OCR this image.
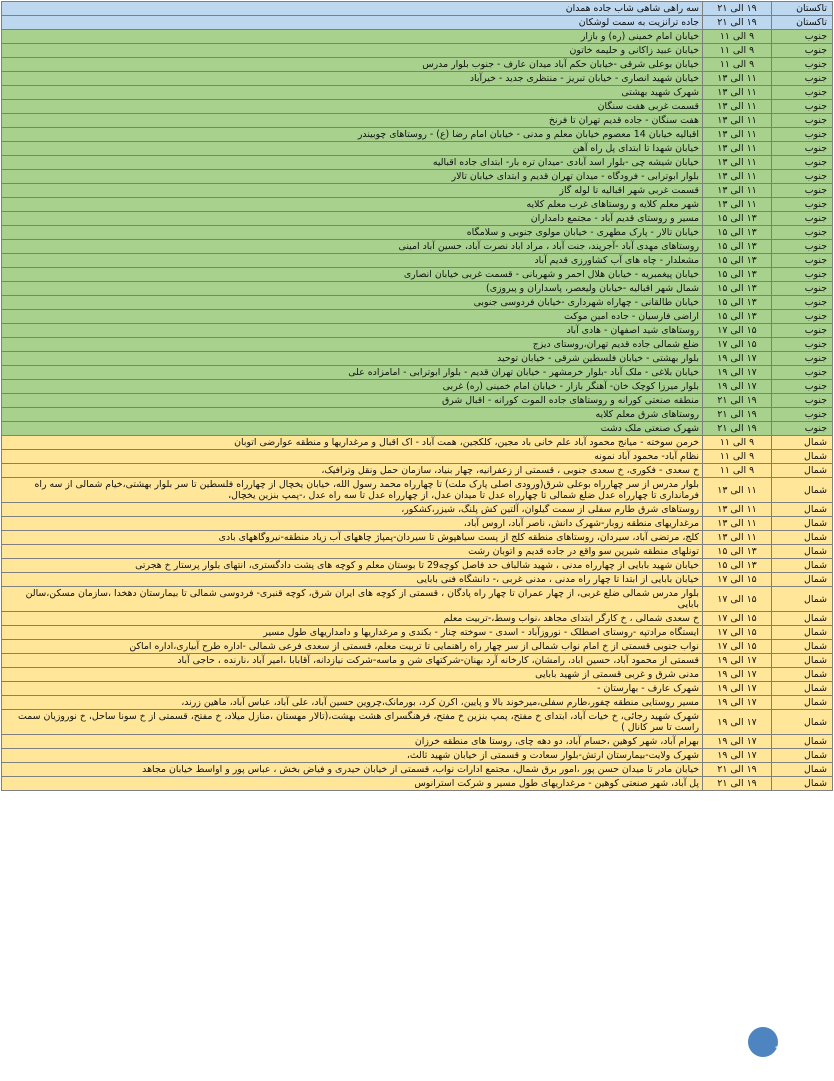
تاکستان	۱۹ الی ۲۱	سه راهی شاهی شاب جاده همدان
تاکستان	۱۹ الی ۲۱	جاده ترانزیت به سمت لوشکان
جنوب	۹ الی ۱۱	خیابان امام خمینی (ره) و بازار
جنوب	۹ الی ۱۱	خیابان عبید زاکانی و حلیمه خاتون
جنوب	۹ الی ۱۱	خیابان بوعلی شرقی -خیابان حکم آباد میدان عارف - جنوب بلوار مدرس
جنوب	۱۱ الی ۱۳	خیابان شهید انصاری - خیابان تبریز - منتظری جدید - خیرآباد
جنوب	۱۱ الی ۱۳	شهرک شهید بهشتی
جنوب	۱۱ الی ۱۳	قسمت غربی هفت سنگان
جنوب	۱۱ الی ۱۳	هفت سنگان - جاده قدیم تهران تا فرنخ
جنوب	۱۱ الی ۱۳	اقبالیه خیابان 14 معصوم خیابان معلم و مدنی - خیابان امام رضا (ع) - روستاهای چوبیندر
جنوب	۱۱ الی ۱۳	خیابان شهدا تا ابتدای پل راه آهن
جنوب	۱۱ الی ۱۳	خیابان شیشه چی -بلوار اسد آبادی -میدان تره بار- ابتدای جاده اقبالیه
جنوب	۱۱ الی ۱۳	بلوار ابوترابی - فرودگاه - میدان تهران قدیم و ابتدای خیابان تالار
جنوب	۱۱ الی ۱۳	قسمت غربی شهر اقبالیه تا لوله گاز
جنوب	۱۱ الی ۱۳	شهر معلم کلایه و روستاهای غرب معلم کلایه
جنوب	۱۳ الی ۱۵	مسیر و روستای قدیم آباد - مجتمع دامداران
جنوب	۱۳ الی ۱۵	خیابان تالار - پارک مطهری - خیابان مولوی جنوبی و سلامگاه
جنوب	۱۳ الی ۱۵	روستاهای مهدی آباد -آجرپند، جنت آباد ، مراد اباد نصرت آباد، حسین آباد امینی
جنوب	۱۳ الی ۱۵	مشعلدار - چاه های آب کشاورزی قدیم آباد
جنوب	۱۳ الی ۱۵	خیابان پیغمبریه - خیابان هلال احمر و شهربانی - قسمت غربی خیابان انصاری
جنوب	۱۳ الی ۱۵	شمال شهر اقبالیه -خیابان ولیعصر، پاسداران و پیروزی)
جنوب	۱۳ الی ۱۵	خیابان طالقانی - چهاراه شهرداری -خیابان فردوسی جنوبی
جنوب	۱۳ الی ۱۵	اراضی فارسیان - جاده امین موکت
جنوب	۱۵ الی ۱۷	روستاهای شید اصفهان - هادی آباد
جنوب	۱۵ الی ۱۷	ضلع شمالی جاده قدیم تهران،روستای دیزج
جنوب	۱۷ الی ۱۹	بلوار بهشتی - خیابان فلسطین شرقی - خیابان توحید
جنوب	۱۷ الی ۱۹	خیابان بلاغی - ملک آباد -بلوار خرمشهر - خیابان تهران قدیم - بلوار ابوترابی - امامزاده علی
جنوب	۱۷ الی ۱۹	بلوار میرزا کوچک خان- آهنگر بازار - خیابان امام خمینی (ره) غربی
جنوب	۱۹ الی ۲۱	منطقه صنعتی کورانه و روستاهای جاده الموت کورانه - اقبال شرق
جنوب	۱۹ الی ۲۱	روستاهای شرق معلم کلایه
جنوب	۱۹ الی ۲۱	شهرک صنعتی ملک دشت
شمال	۹ الی ۱۱	خرمن سوخته - میانج محمود آباد علم خانی باد مجین، کلکجین، همت آباد - اک اقبال و مرغداریها و منطقه عوارضی اتوبان
شمال	۹ الی ۱۱	نظام آباد- محمود آباد نمونه
شمال	۹ الی ۱۱	خ سعدی - فکوری، خ سعدی جنوبی ، قسمتی از زعفرانیه، چهار بنیاد، سازمان حمل ونقل وترافیک،
شمال	۱۱ الی ۱۳	بلوار مدرس از سر چهارراه بوعلی شرق(ورودی اصلی پارک ملت) تا چهارراه محمد رسول الله، خیابان یخچال از چهارراه فلسطین تا سر بلوار بهشتی،خیام شمالی از سه راه فرمانداری تا چهارراه عدل ضلع شمالی تا چهارراه عدل تا میدان عدل، از چهارراه عدل تا سه راه عدل ،-پمپ بنزین یخچال،
شمال	۱۱ الی ۱۳	روستاهای شرق طارم سفلی از سمت گیلوان، آلتین کش پلنگ، شیزر،کشکور،
شمال	۱۱ الی ۱۳	مرغداریهای منطقه زوبار-شهرک دانش، ناصر آباد، اروس آباد،
شمال	۱۱ الی ۱۳	کلج، مرتضی آباد، سیردان، روستاهای منطقه کلج از پست سیاهپوش تا سیردان-پمپاژ چاههای آب زیاد منطقه-نیروگاههای بادی
شمال	۱۳ الی ۱۵	تونلهای منطقه شیرین سو واقع در جاده قدیم و اتوبان رشت
شمال	۱۳ الی ۱۵	خیابان شهید بابایی از چهارراه مدنی ، شهید شالباف حد فاصل کوچه29 تا بوستان معلم و کوچه های پشت دادگستری، انتهای بلوار پرستار خ هجرتی
شمال	۱۵ الی ۱۷	خیابان بابایی از ابتدا تا چهار راه مدنی ، مدنی غربی ،- دانشگاه فنی بابایی
شمال	۱۵ الی ۱۷	بلوار مدرس شمالی ضلع غربی، از چهار عمران تا چهار راه پادگان ، قسمتی از کوچه های ایران شرق، کوچه قنبری- فردوسی شمالی تا بیمارستان دهخدا ،سازمان مسکن،سالن بابایی
شمال	۱۵ الی ۱۷	خ سعدی شمالی ، خ کارگر ابتدای مجاهد ،نواب وسط،-تربیت معلم
شمال	۱۵ الی ۱۷	ایستگاه مرادتپه -روستای اصطلک - نوروزآباد - اسدی - سوخته چنار - بکندی و مرغداریها و دامداریهای طول مسیر
شمال	۱۵ الی ۱۷	نواب جنوبی قسمتی از خ امام نواب شمالی از سر چهار راه راهنمایی تا تربیت معلم، قسمتی از سعدی فرعی شمالی -اداره طرح آبیاری،اداره اماکن
شمال	۱۷ الی ۱۹	قسمتی از محمود آباد، حسین اباد، رامشان، کارخانه آرد بهنان-شرکتهای شن و ماسه-شرکت نیازدانه، آقابابا ،امیر آباد ،نارنده ، حاجی آباد
شمال	۱۷ الی ۱۹	مدنی شرق و غربی قسمتی از شهید بابایی
شمال	۱۷ الی ۱۹	شهرک عارف - بهارستان -
شمال	۱۷ الی ۱۹	مسیر روستایی منطقه چفور،طارم سفلی،میرخوند بالا و پایین، اکرن کرد، بورمانک،چروین حسین آباد، علی آباد، عباس آباد، ماهین زرند،
شمال	۱۷ الی ۱۹	شهرک شهید رجائی، خ خیات آباد، ابتدای خ مفتح، پمپ بنزین خ مفتح، فرهنگسرای هشت بهشت،(تالار مهستان ،منازل میلاد، خ مفتح، قسمتی از خ سونا ساحل، خ نوروزیان سمت راست تا سر کانال )
شمال	۱۷ الی ۱۹	بهرام آباد، شهر کوهین ،حسام آباد، دو دهه چای، روستا های منطقه خرزان
شمال	۱۷ الی ۱۹	شهرک ولایت-بیمارستان ارتش-بلوار سعادت و قسمتی از خیابان شهید ثالث،
شمال	۱۹ الی ۲۱	خیابان مادر تا میدان حسن پور ،امور برق شمال، مجتمع ادارات نواب، قسمتی از خیابان حیدری و فیاض بخش ، عباس پور و اواسط خیابان مجاهد
شمال	۱۹ الی ۲۱	پل آباد، شهر صنعتی کوهین - مرغداریهای طول مسیر و شرکت استرانوس
مرکز خبر
